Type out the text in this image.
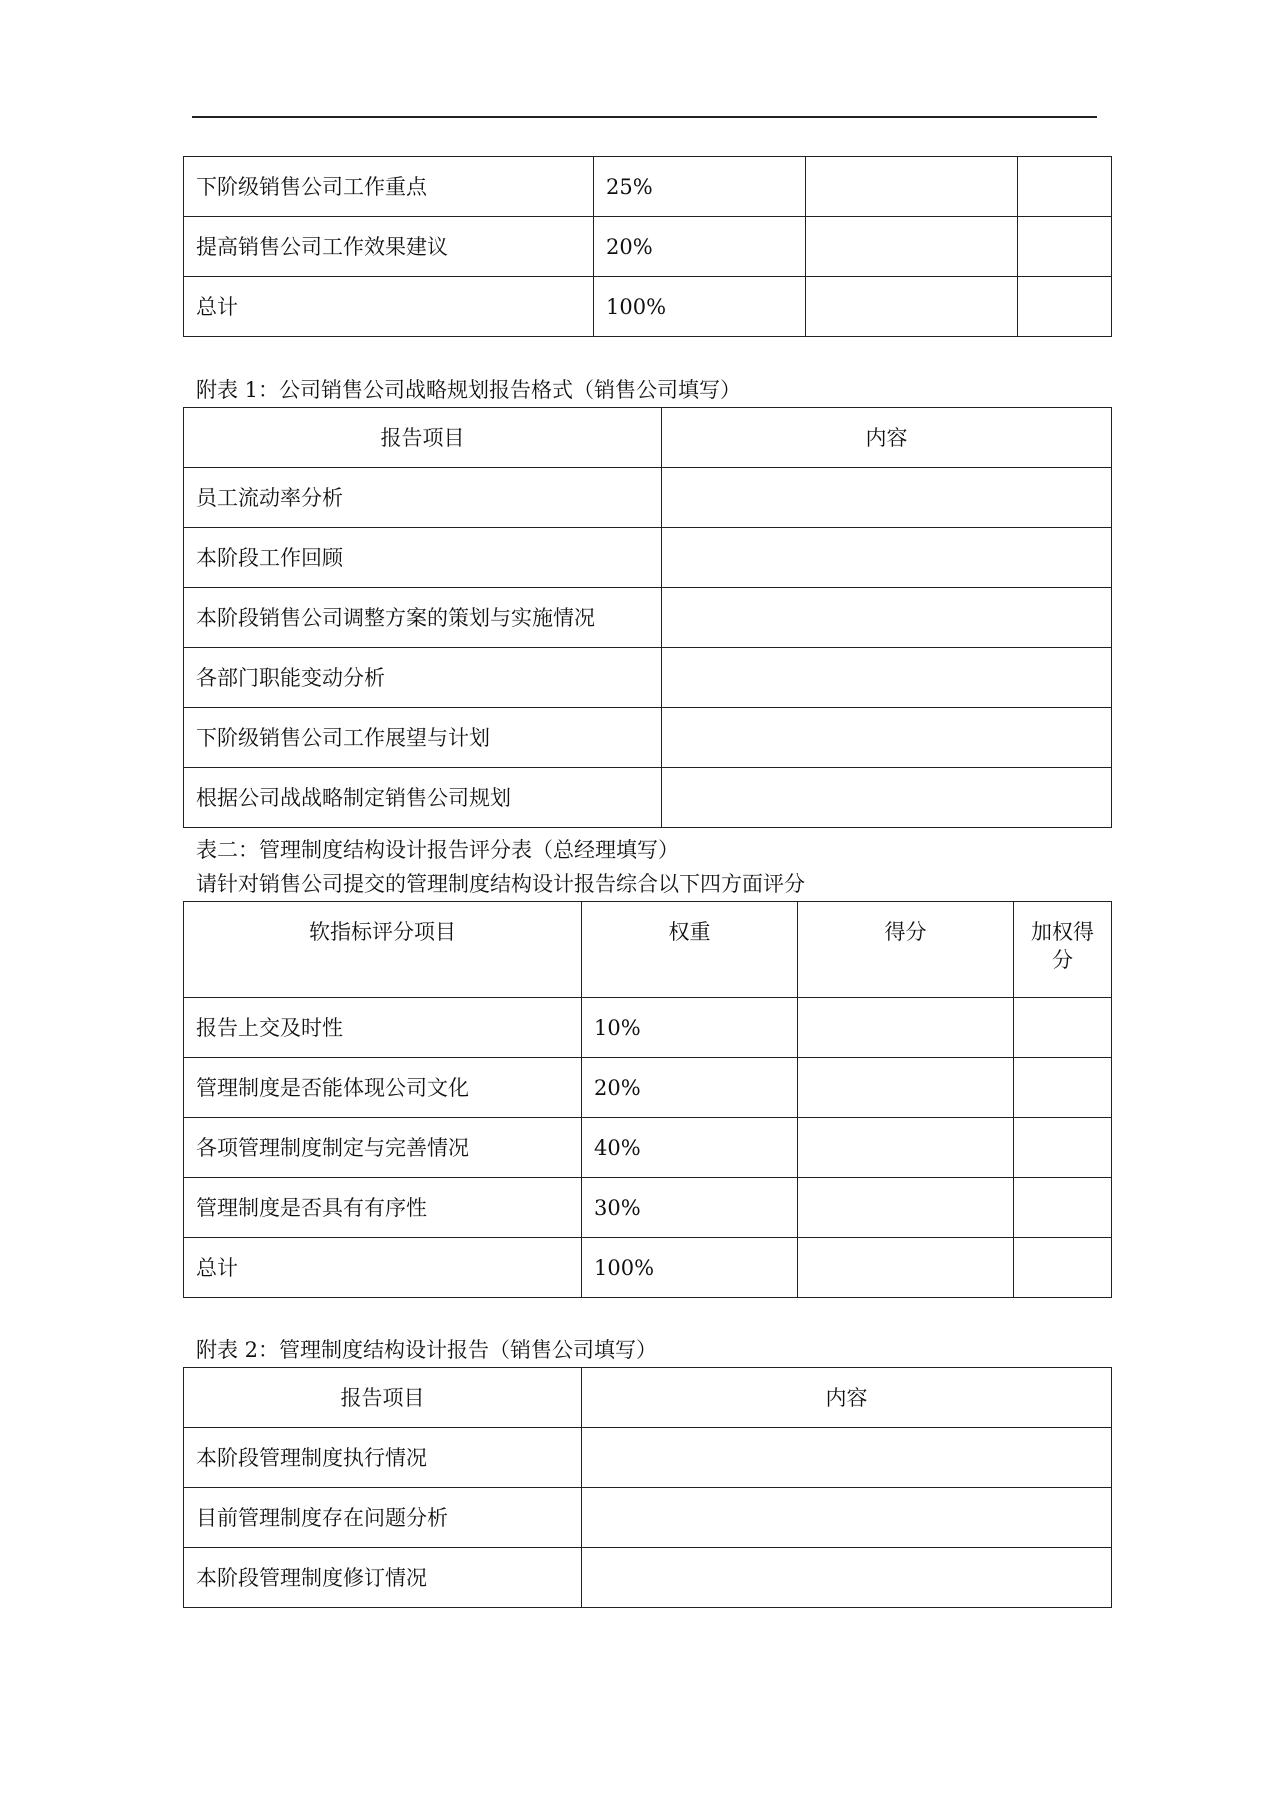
下阶级销售公司工作重点	25%		
提高销售公司工作效果建议	20%		
总计	100%		
附表 1：公司销售公司战略规划报告格式（销售公司填写）
报告项目	内容
员工流动率分析	
本阶段工作回顾	
本阶段销售公司调整方案的策划与实施情况	
各部门职能变动分析	
下阶级销售公司工作展望与计划	
根据公司战战略制定销售公司规划	
表二：管理制度结构设计报告评分表（总经理填写）
请针对销售公司提交的管理制度结构设计报告综合以下四方面评分
软指标评分项目	权重	得分	加权得分
报告上交及时性	10%		
管理制度是否能体现公司文化	20%		
各项管理制度制定与完善情况	40%		
管理制度是否具有有序性	30%		
总计	100%		
附表 2：管理制度结构设计报告（销售公司填写）
报告项目	内容
本阶段管理制度执行情况	
目前管理制度存在问题分析	
本阶段管理制度修订情况	
